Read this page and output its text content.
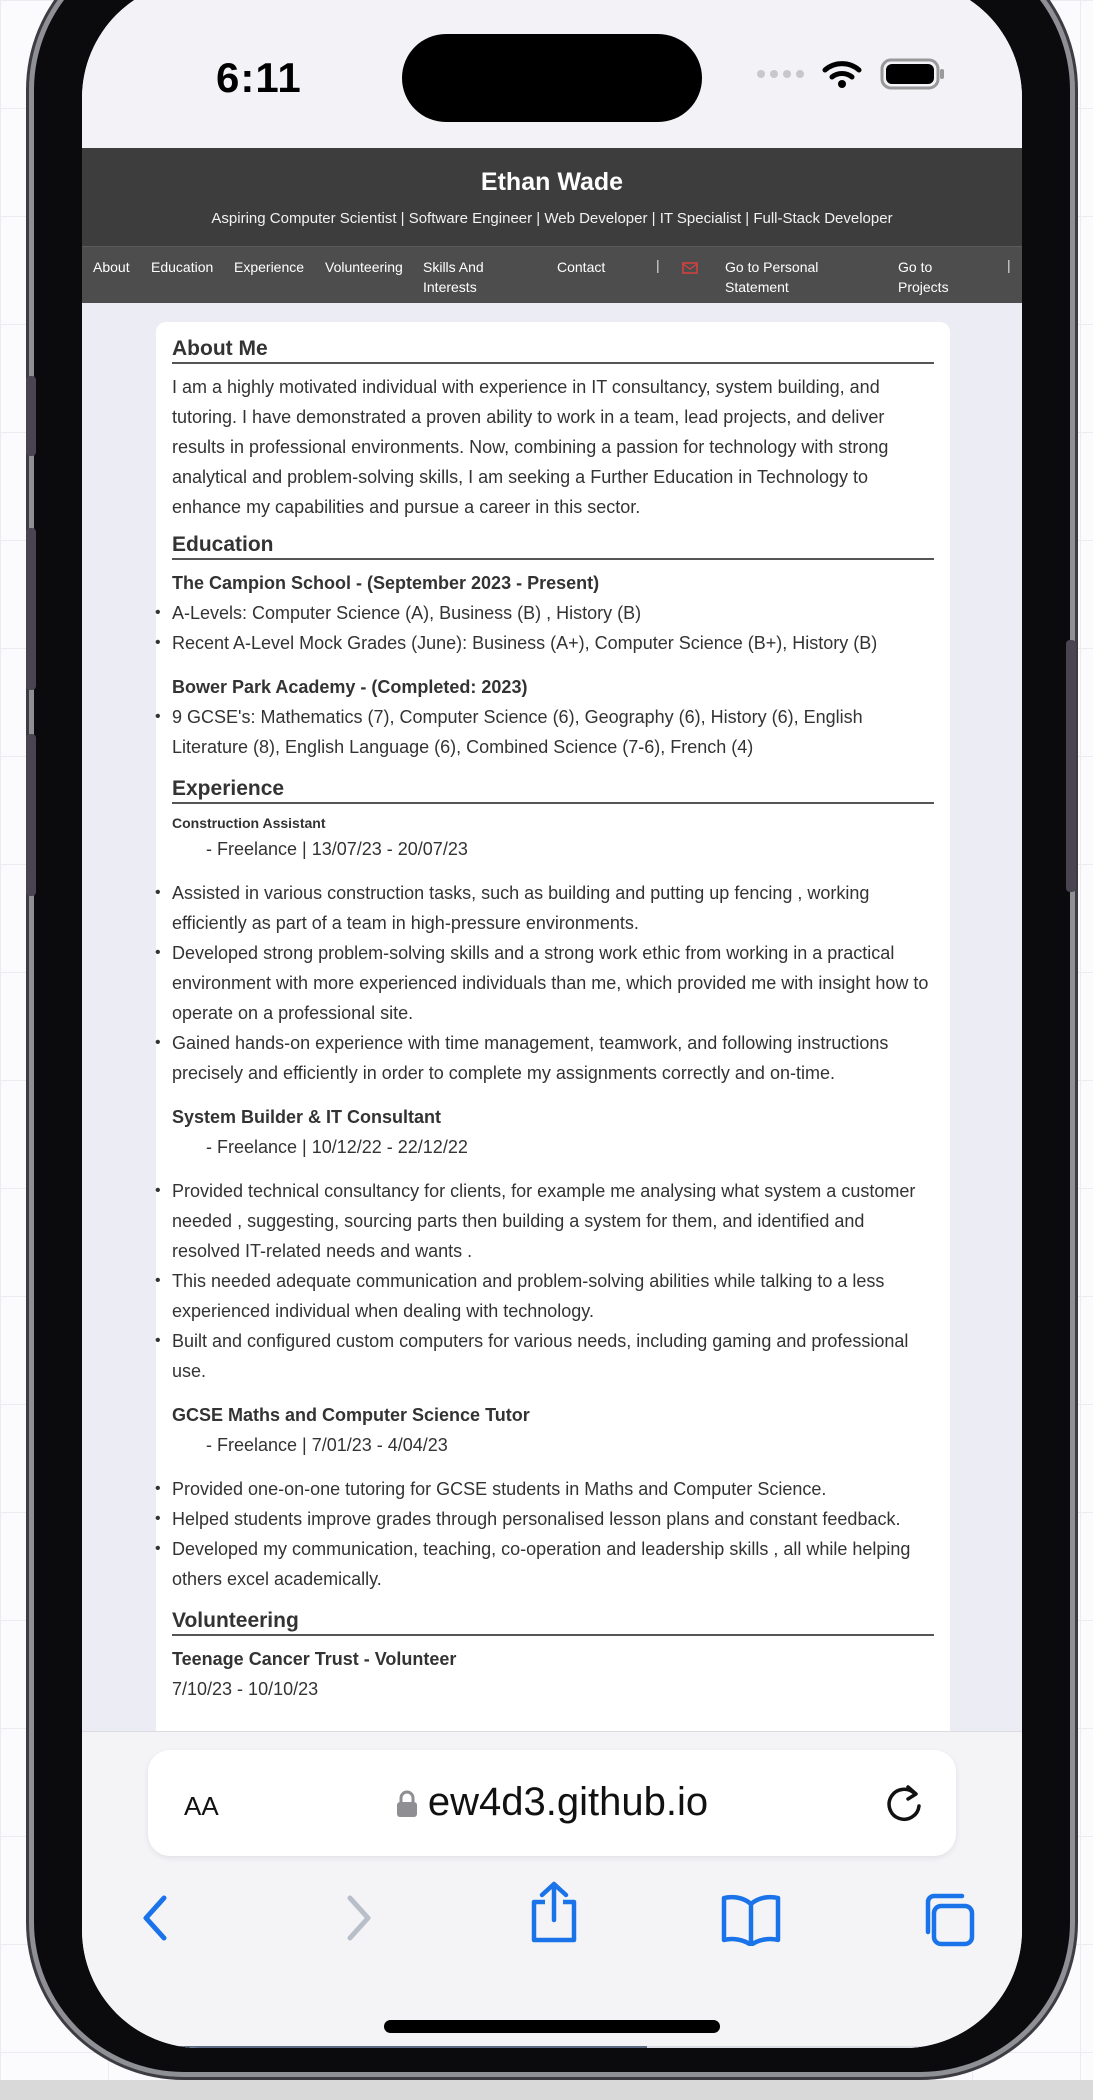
6:11
Ethan Wade
Aspiring Computer Scientist | Software Engineer | Web Developer | IT Specialist | Full-Stack Developer
About Education Experience Volunteering Skills And
Interests
Contact	|	Go to Personal
Statement
Go to
Projects
|
About Me

I am a highly motivated individual with experience in IT consultancy, system building, and tutoring. I have demonstrated a proven ability to work in a team, lead projects, and deliver results in professional environments. Now, combining a passion for technology with strong analytical and problem-solving skills, I am seeking a Further Education in Technology to enhance my capabilities and pursue a career in this sector.

Education

The Campion School - (September 2023 - Present)

• A-Levels: Computer Science (A), Business (B) , History (B)
• Recent A-Level Mock Grades (June): Business (A+), Computer Science (B+), History (B)

Bower Park Academy - (Completed: 2023)

• 9 GCSE's: Mathematics (7), Computer Science (6), Geography (6), History (6), English Literature (8), English Language (6), Combined Science (7-6), French (4)
Experience

Construction Assistant

- Freelance | 13/07/23 - 20/07/23

• Assisted in various construction tasks, such as building and putting up fencing , working efficiently as part of a team in high-pressure environments.
• Developed strong problem-solving skills and a strong work ethic from working in a practical environment with more experienced individuals than me, which provided me with insight how to operate on a professional site.
• Gained hands-on experience with time management, teamwork, and following instructions precisely and efficiently in order to complete my assignments correctly and on-time.

System Builder & IT Consultant

- Freelance | 10/12/22 - 22/12/22

• Provided technical consultancy for clients, for example me analysing what system a customer needed , suggesting, sourcing parts then building a system for them, and identified and resolved IT-related needs and wants .
• This needed adequate communication and problem-solving abilities while talking to a less experienced individual when dealing with technology.
• Built and configured custom computers for various needs, including gaming and professional use.

GCSE Maths and Computer Science Tutor

- Freelance | 7/01/23 - 4/04/23

• Provided one-on-one tutoring for GCSE students in Maths and Computer Science.
• Helped students improve grades through personalised lesson plans and constant feedback.
• Developed my communication, teaching, co-operation and leadership skills , all while helping others excel academically.
Volunteering

Teenage Cancer Trust - Volunteer

7/10/23 - 10/10/23

AA	ew4d3.github.io
